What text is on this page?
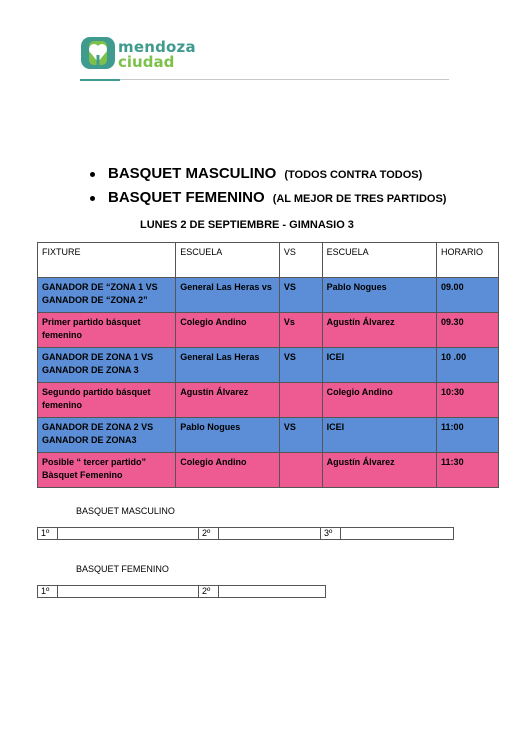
mendoza
ciudad
BASQUET MASCULINO (TODOS CONTRA TODOS)
BASQUET FEMENINO (AL MEJOR DE TRES PARTIDOS)
LUNES 2 DE SEPTIEMBRE - GIMNASIO 3
FIXTURE	ESCUELA	VS	ESCUELA	HORARIO
GANADOR DE “ZONA 1 VS GANADOR DE “ZONA 2”	General Las Heras vs	VS	Pablo Nogues	09.00
Primer partido básquet femenino	Colegio Andino	Vs	Agustín Álvarez	09.30
GANADOR DE ZONA 1 VS GANADOR DE ZONA 3	General Las Heras	VS	ICEI	10 .00
Segundo partido básquet femenino	Agustín Álvarez		Colegio Andino	10:30
GANADOR DE ZONA 2 VS GANADOR DE ZONA3	Pablo Nogues	VS	ICEI	11:00
Posible “ tercer partido” Bàsquet Femenino	Colegio Andino		Agustín Álvarez	11:30
BASQUET MASCULINO
1º		2º		3º	
BASQUET FEMENINO
1º		2º	
